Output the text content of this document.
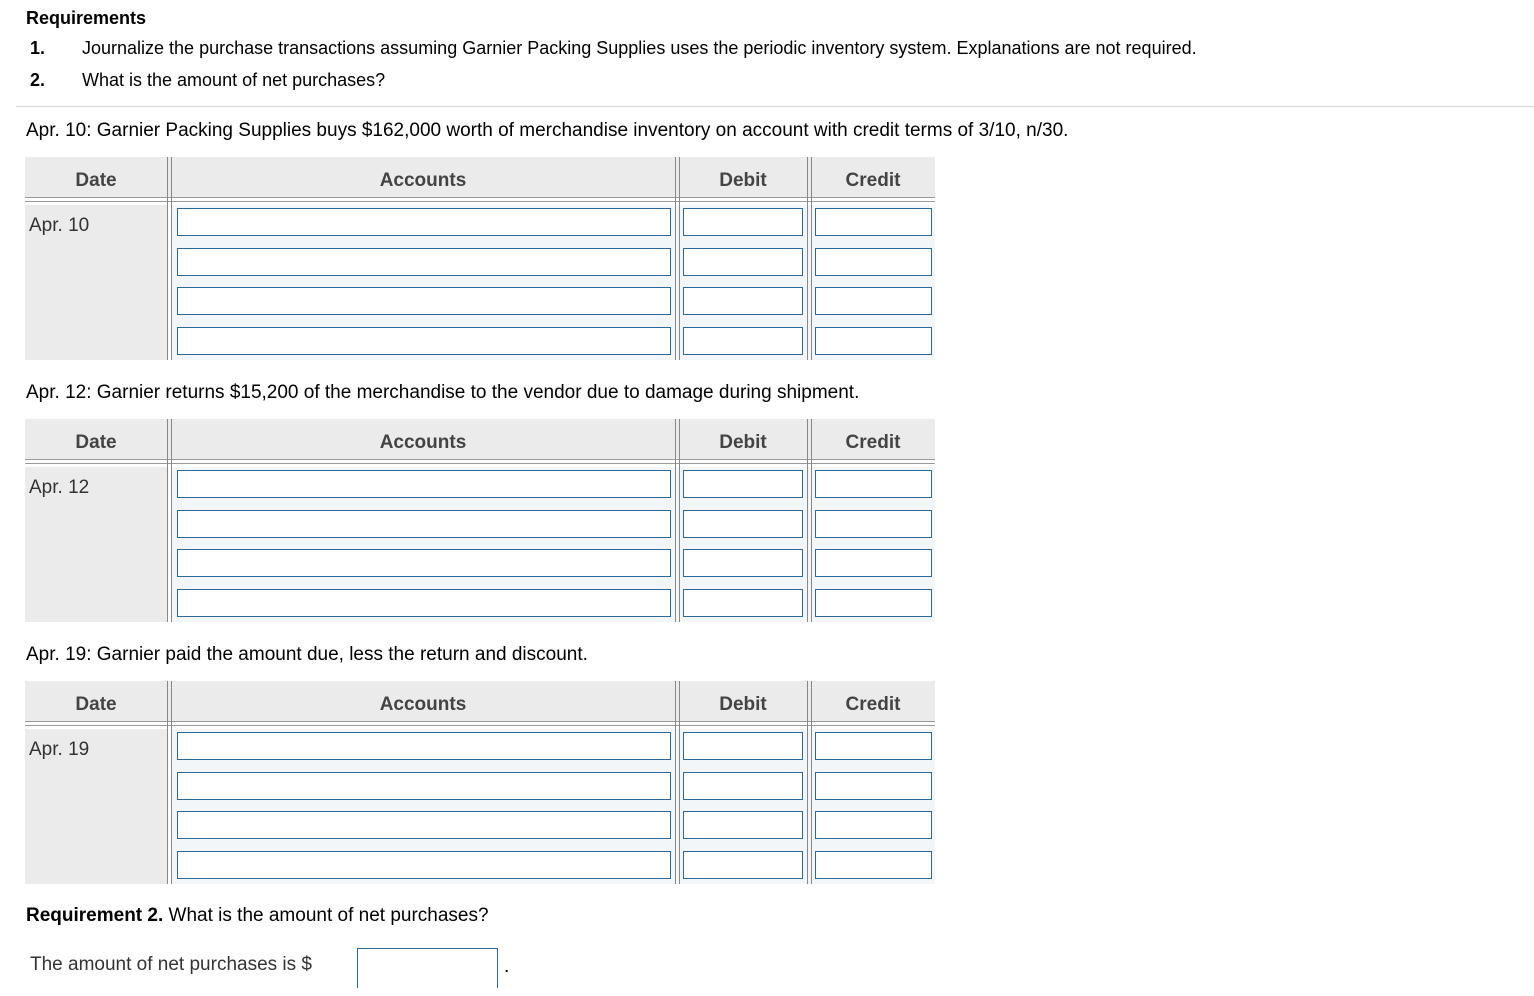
Requirements
1. Journalize the purchase transactions assuming Garnier Packing Supplies uses the periodic inventory system. Explanations are not required.
2. What is the amount of net purchases?
Apr. 10: Garnier Packing Supplies buys $162,000 worth of merchandise inventory on account with credit terms of 3/10, n/30.
Date	Accounts	Debit	Credit
Apr. 10
Apr. 12: Garnier returns $15,200 of the merchandise to the vendor due to damage during shipment.
Date	Accounts	Debit	Credit
Apr. 12
Apr. 19: Garnier paid the amount due, less the return and discount.
Date	Accounts	Debit	Credit
Apr. 19
Requirement 2. What is the amount of net purchases?
The amount of net purchases is $	.
